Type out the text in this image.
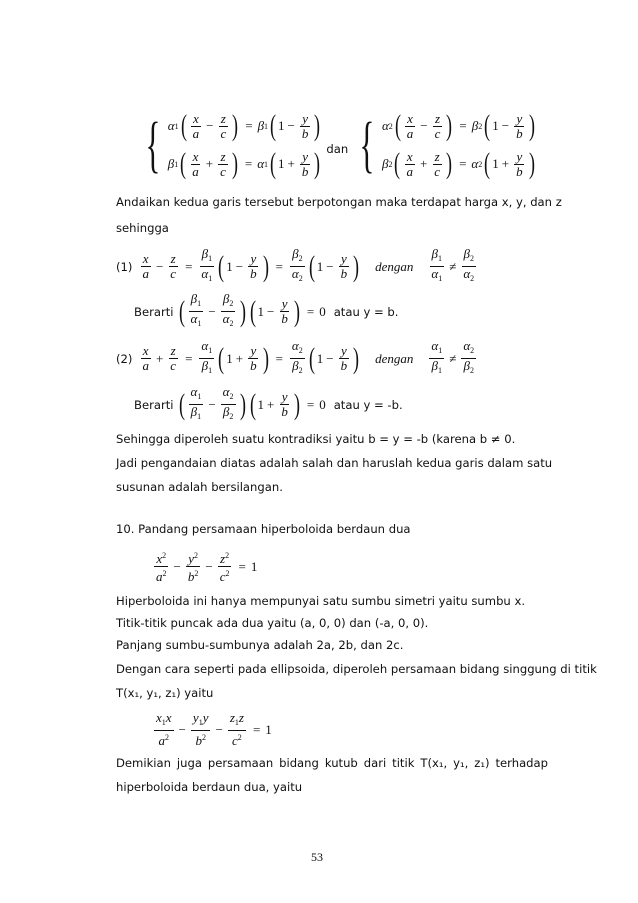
{ α 1 ( $\frac{x}{a} - \frac{z}{c}$ ) = β 1 ( $1 - \frac{y}{b}$ )
β 1 ( $\frac{x}{a} + \frac{z}{c}$ ) = α 1 ( $1 + \frac{y}{b}$ ) dan { α 2 ( $\frac{x}{a} - \frac{z}{c}$ ) = β 2 ( $1 - \frac{y}{b}$ )
β 2 ( $\frac{x}{a} + \frac{z}{c}$ ) = α 2 ( $1 + \frac{y}{b}$ )
Andaikan kedua garis tersebut berpotongan maka terdapat harga x, y, dan z
sehingga
$(1) \frac{x}{a} - \frac{z}{c} = \frac{\beta_1}{\alpha_1}$ ( $1 - \frac{y}{b}$ ) = $\frac{\beta_2}{\alpha_2}$ ( $1 - \frac{y}{b}$ ) dengan $\frac{\beta_1}{\alpha_1} \ne \frac{\beta_2}{\alpha_2}$
Berarti ( $\frac{\beta_1}{\alpha_1} - \frac{\beta_2}{\alpha_2}$ ) ( $1 - \frac{y}{b}$ ) = 0 atau y = b.
$(2) \frac{x}{a} + \frac{z}{c} = \frac{\alpha_1}{\beta_1}$ ( $1 + \frac{y}{b}$ ) = $\frac{\alpha_2}{\beta_2}$ ( $1 - \frac{y}{b}$ ) dengan $\frac{\alpha_1}{\beta_1} \ne \frac{\alpha_2}{\beta_2}$
Berarti ( $\frac{\alpha_1}{\beta_1} - \frac{\alpha_2}{\beta_2}$ ) ( $1 + \frac{y}{b}$ ) = 0 atau y = -b.
Sehingga diperoleh suatu kontradiksi yaitu b = y = -b (karena b ≠ 0.
Jadi pengandaian diatas adalah salah dan haruslah kedua garis dalam satu
susunan adalah bersilangan.
10. Pandang persamaan hiperboloida berdaun dua
$\frac{x^2}{a^2} - \frac{y^2}{b^2} - \frac{z^2}{c^2} = 1$
Hiperboloida ini hanya mempunyai satu sumbu simetri yaitu sumbu x.
Titik-titik puncak ada dua yaitu (a, 0, 0) dan (-a, 0, 0).
Panjang sumbu-sumbunya adalah 2a, 2b, dan 2c.
Dengan cara seperti pada ellipsoida, diperoleh persamaan bidang singgung di titik
T(x₁, y₁, z₁) yaitu
$\frac{x_1x}{a^2} - \frac{y_1y}{b^2} - \frac{z_1z}{c^2} = 1$
Demikian juga persamaan bidang kutub dari titik T(x₁, y₁, z₁) terhadap
hiperboloida berdaun dua, yaitu
53
